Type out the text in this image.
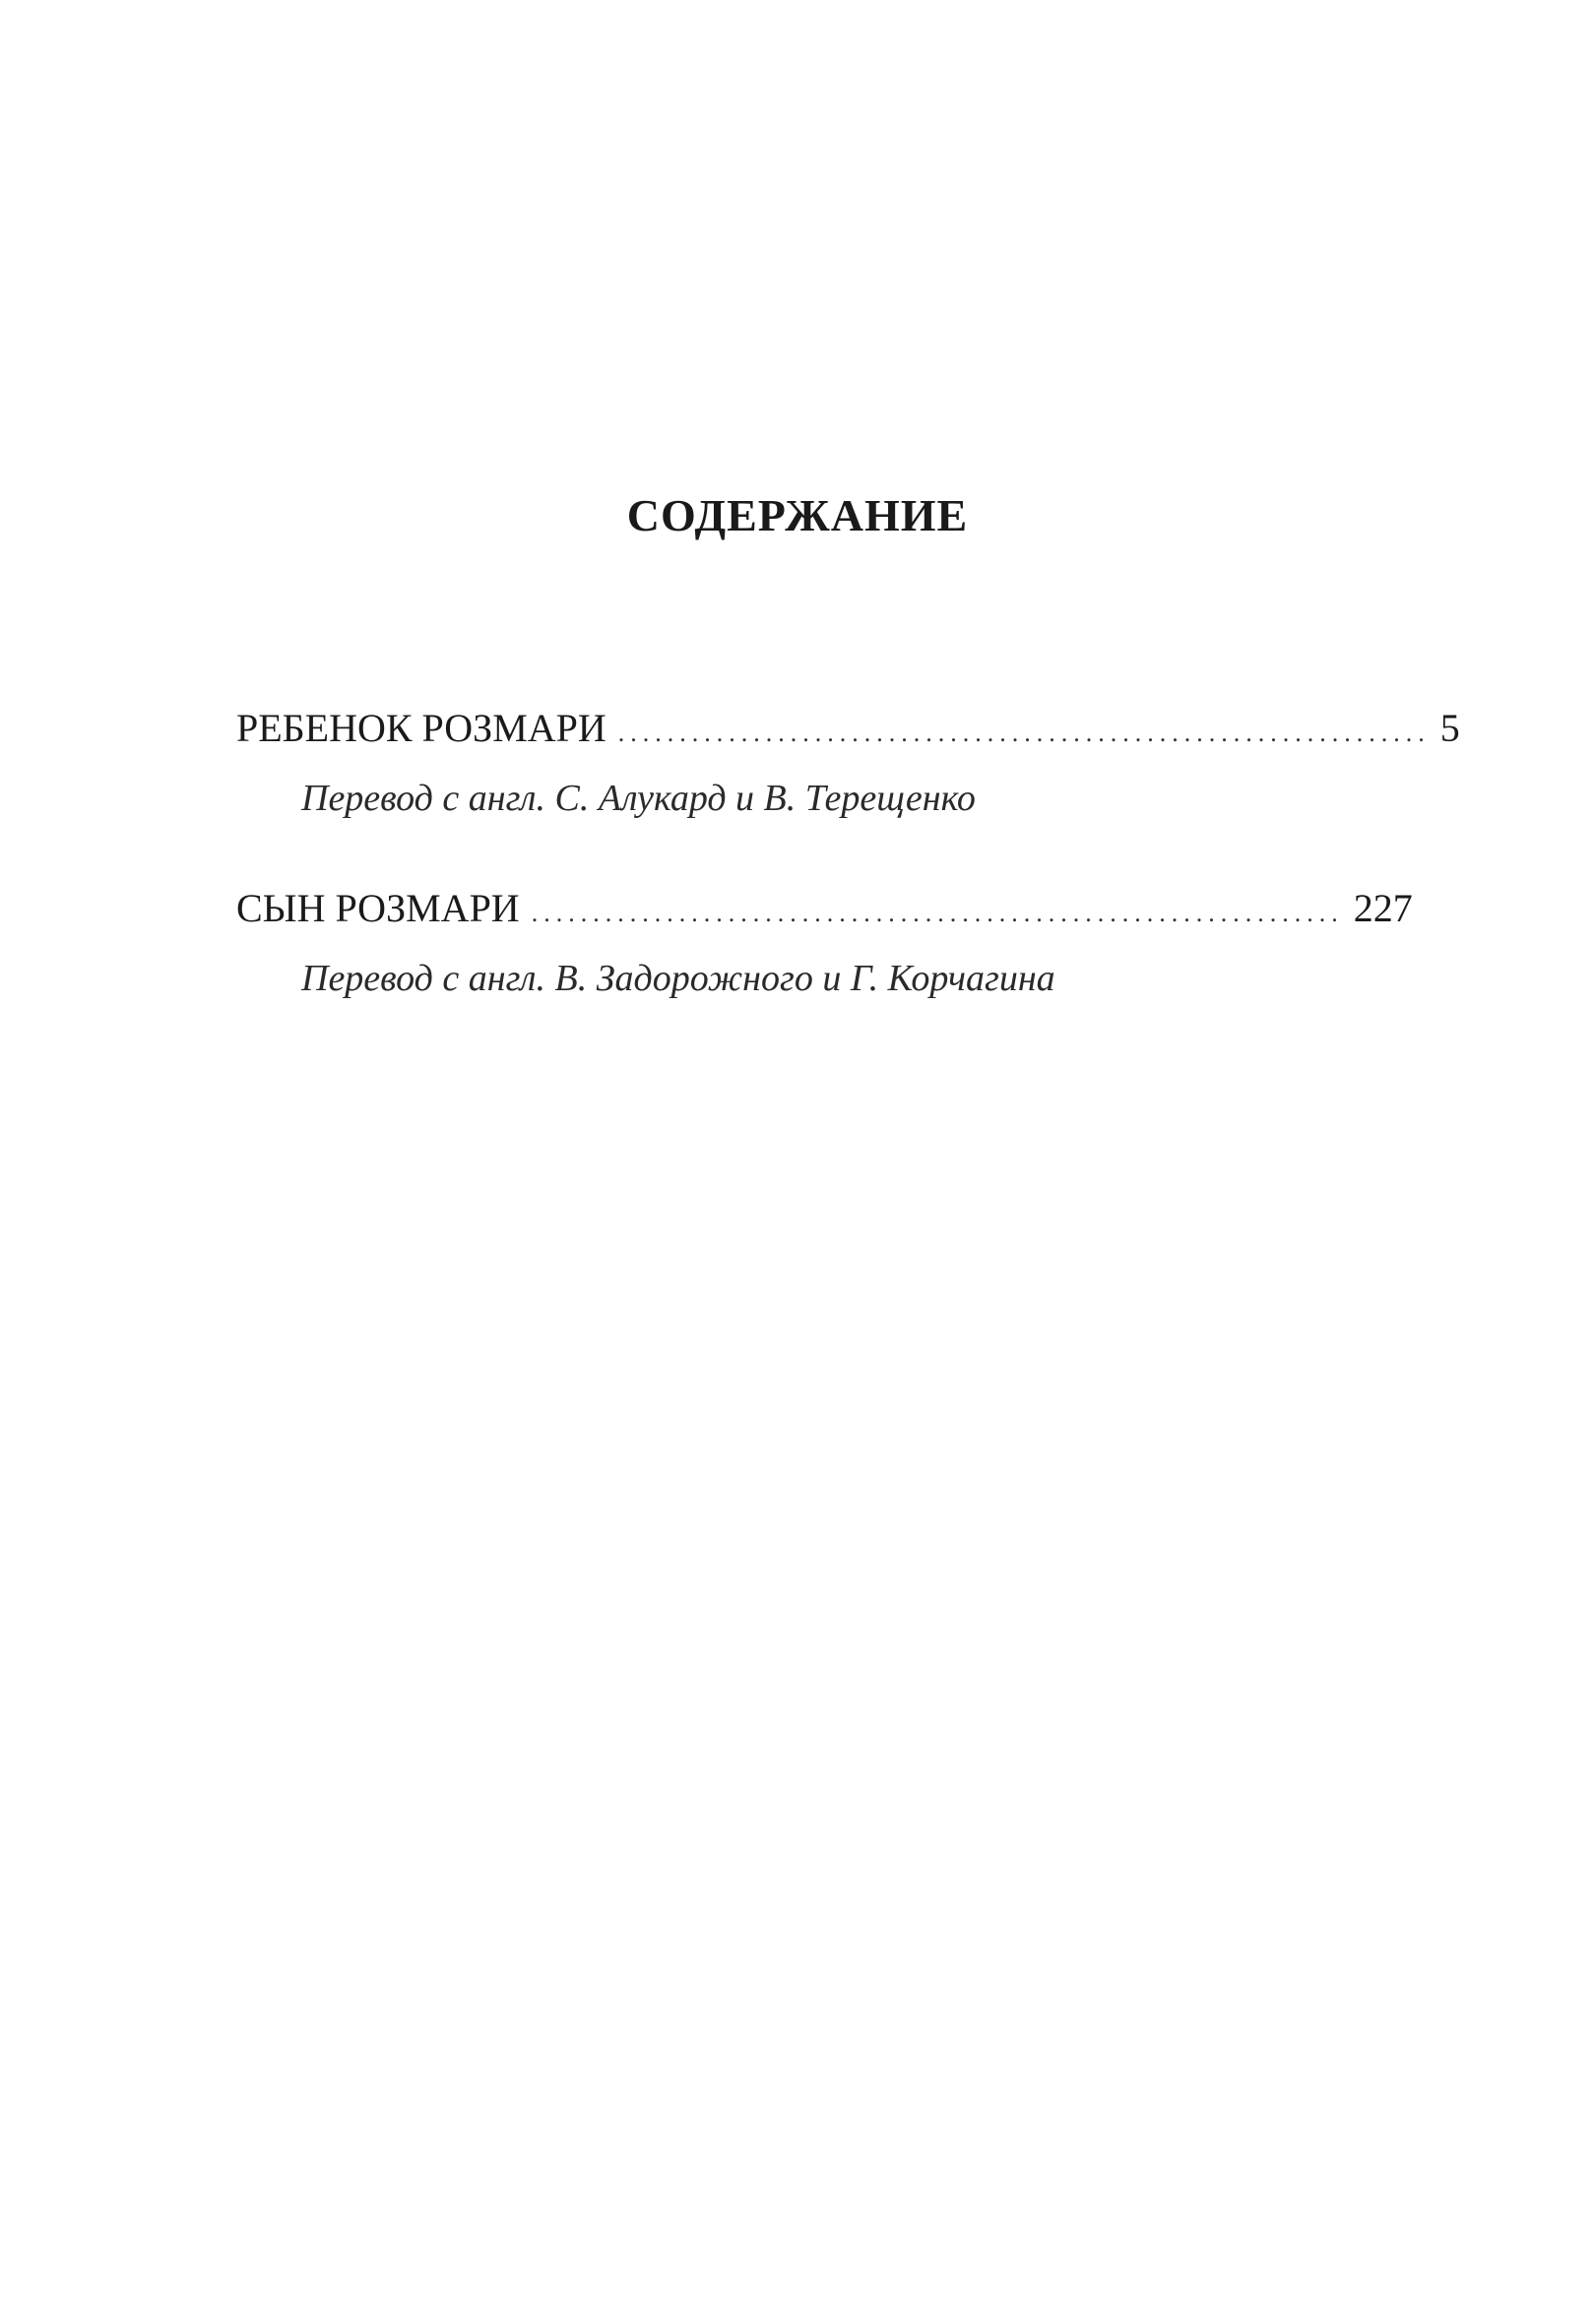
СОДЕРЖАНИЕ
РЕБЕНОК РОЗМАРИ .................................................................. 5
Перевод с англ. С. Алукард и В. Терещенко
СЫН РОЗМАРИ .................................................................. 227
Перевод с англ. В. Задорожного и Г. Корчагина
